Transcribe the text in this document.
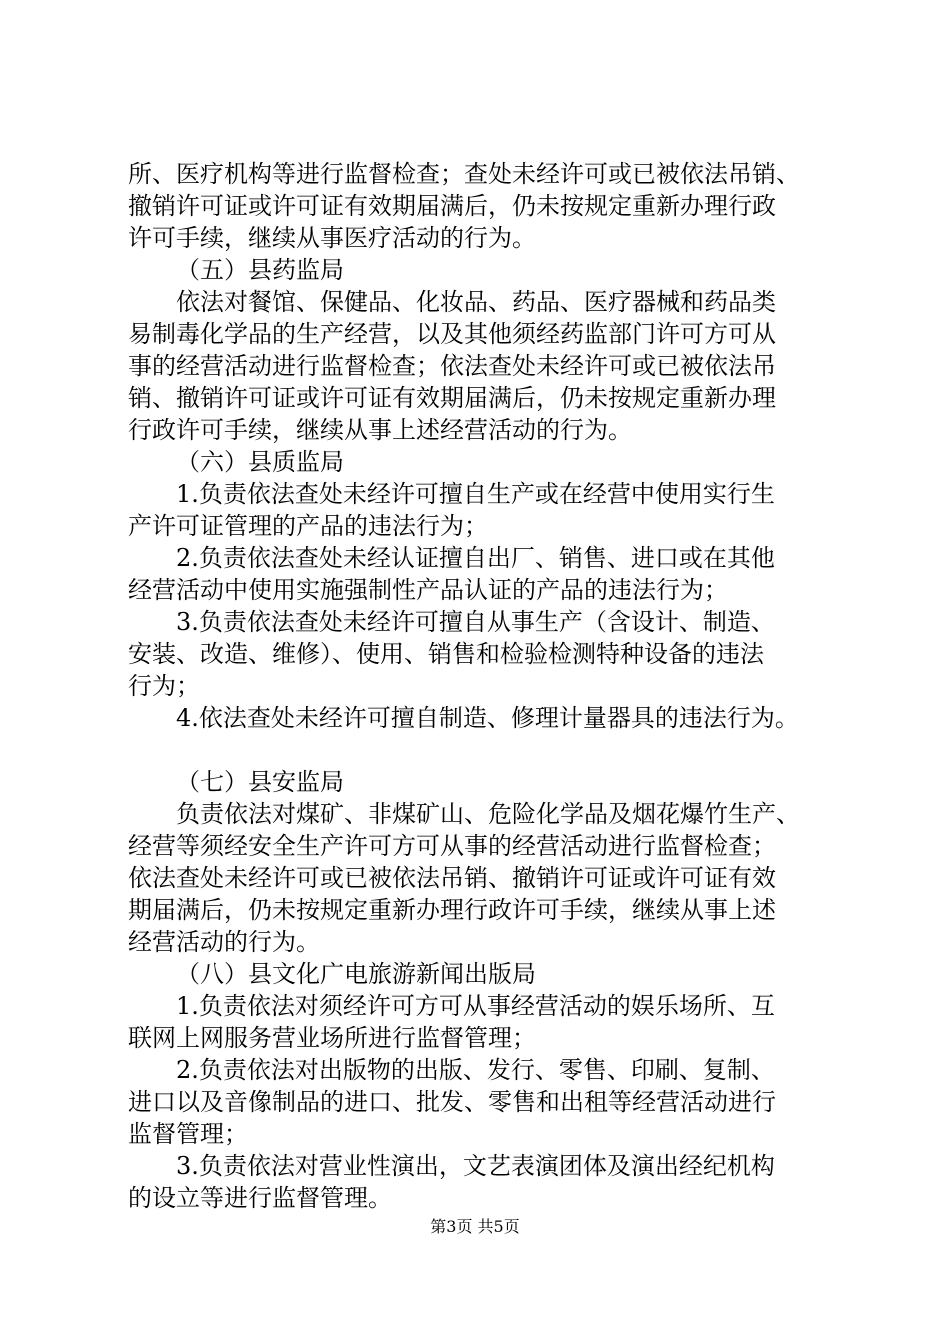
所、医疗机构等进行监督检查；查处未经许可或已被依法吊销、
撤销许可证或许可证有效期届满后，仍未按规定重新办理行政
许可手续，继续从事医疗活动的行为。
（五）县药监局
依法对餐馆、保健品、化妆品、药品、医疗器械和药品类
易制毒化学品的生产经营，以及其他须经药监部门许可方可从
事的经营活动进行监督检查；依法查处未经许可或已被依法吊
销、撤销许可证或许可证有效期届满后，仍未按规定重新办理
行政许可手续，继续从事上述经营活动的行为。
（六）县质监局
1.负责依法查处未经许可擅自生产或在经营中使用实行生
产许可证管理的产品的违法行为；
2.负责依法查处未经认证擅自出厂、销售、进口或在其他
经营活动中使用实施强制性产品认证的产品的违法行为；
3.负责依法查处未经许可擅自从事生产（含设计、制造、
安装、改造、维修）、使用、销售和检验检测特种设备的违法
行为；
4.依法查处未经许可擅自制造、修理计量器具的违法行为。
（七）县安监局
负责依法对煤矿、非煤矿山、危险化学品及烟花爆竹生产、
经营等须经安全生产许可方可从事的经营活动进行监督检查；
依法查处未经许可或已被依法吊销、撤销许可证或许可证有效
期届满后，仍未按规定重新办理行政许可手续，继续从事上述
经营活动的行为。
（八）县文化广电旅游新闻出版局
1.负责依法对须经许可方可从事经营活动的娱乐场所、互
联网上网服务营业场所进行监督管理；
2.负责依法对出版物的出版、发行、零售、印刷、复制、
进口以及音像制品的进口、批发、零售和出租等经营活动进行
监督管理；
3.负责依法对营业性演出，文艺表演团体及演出经纪机构
的设立等进行监督管理。
第3页 共5页
